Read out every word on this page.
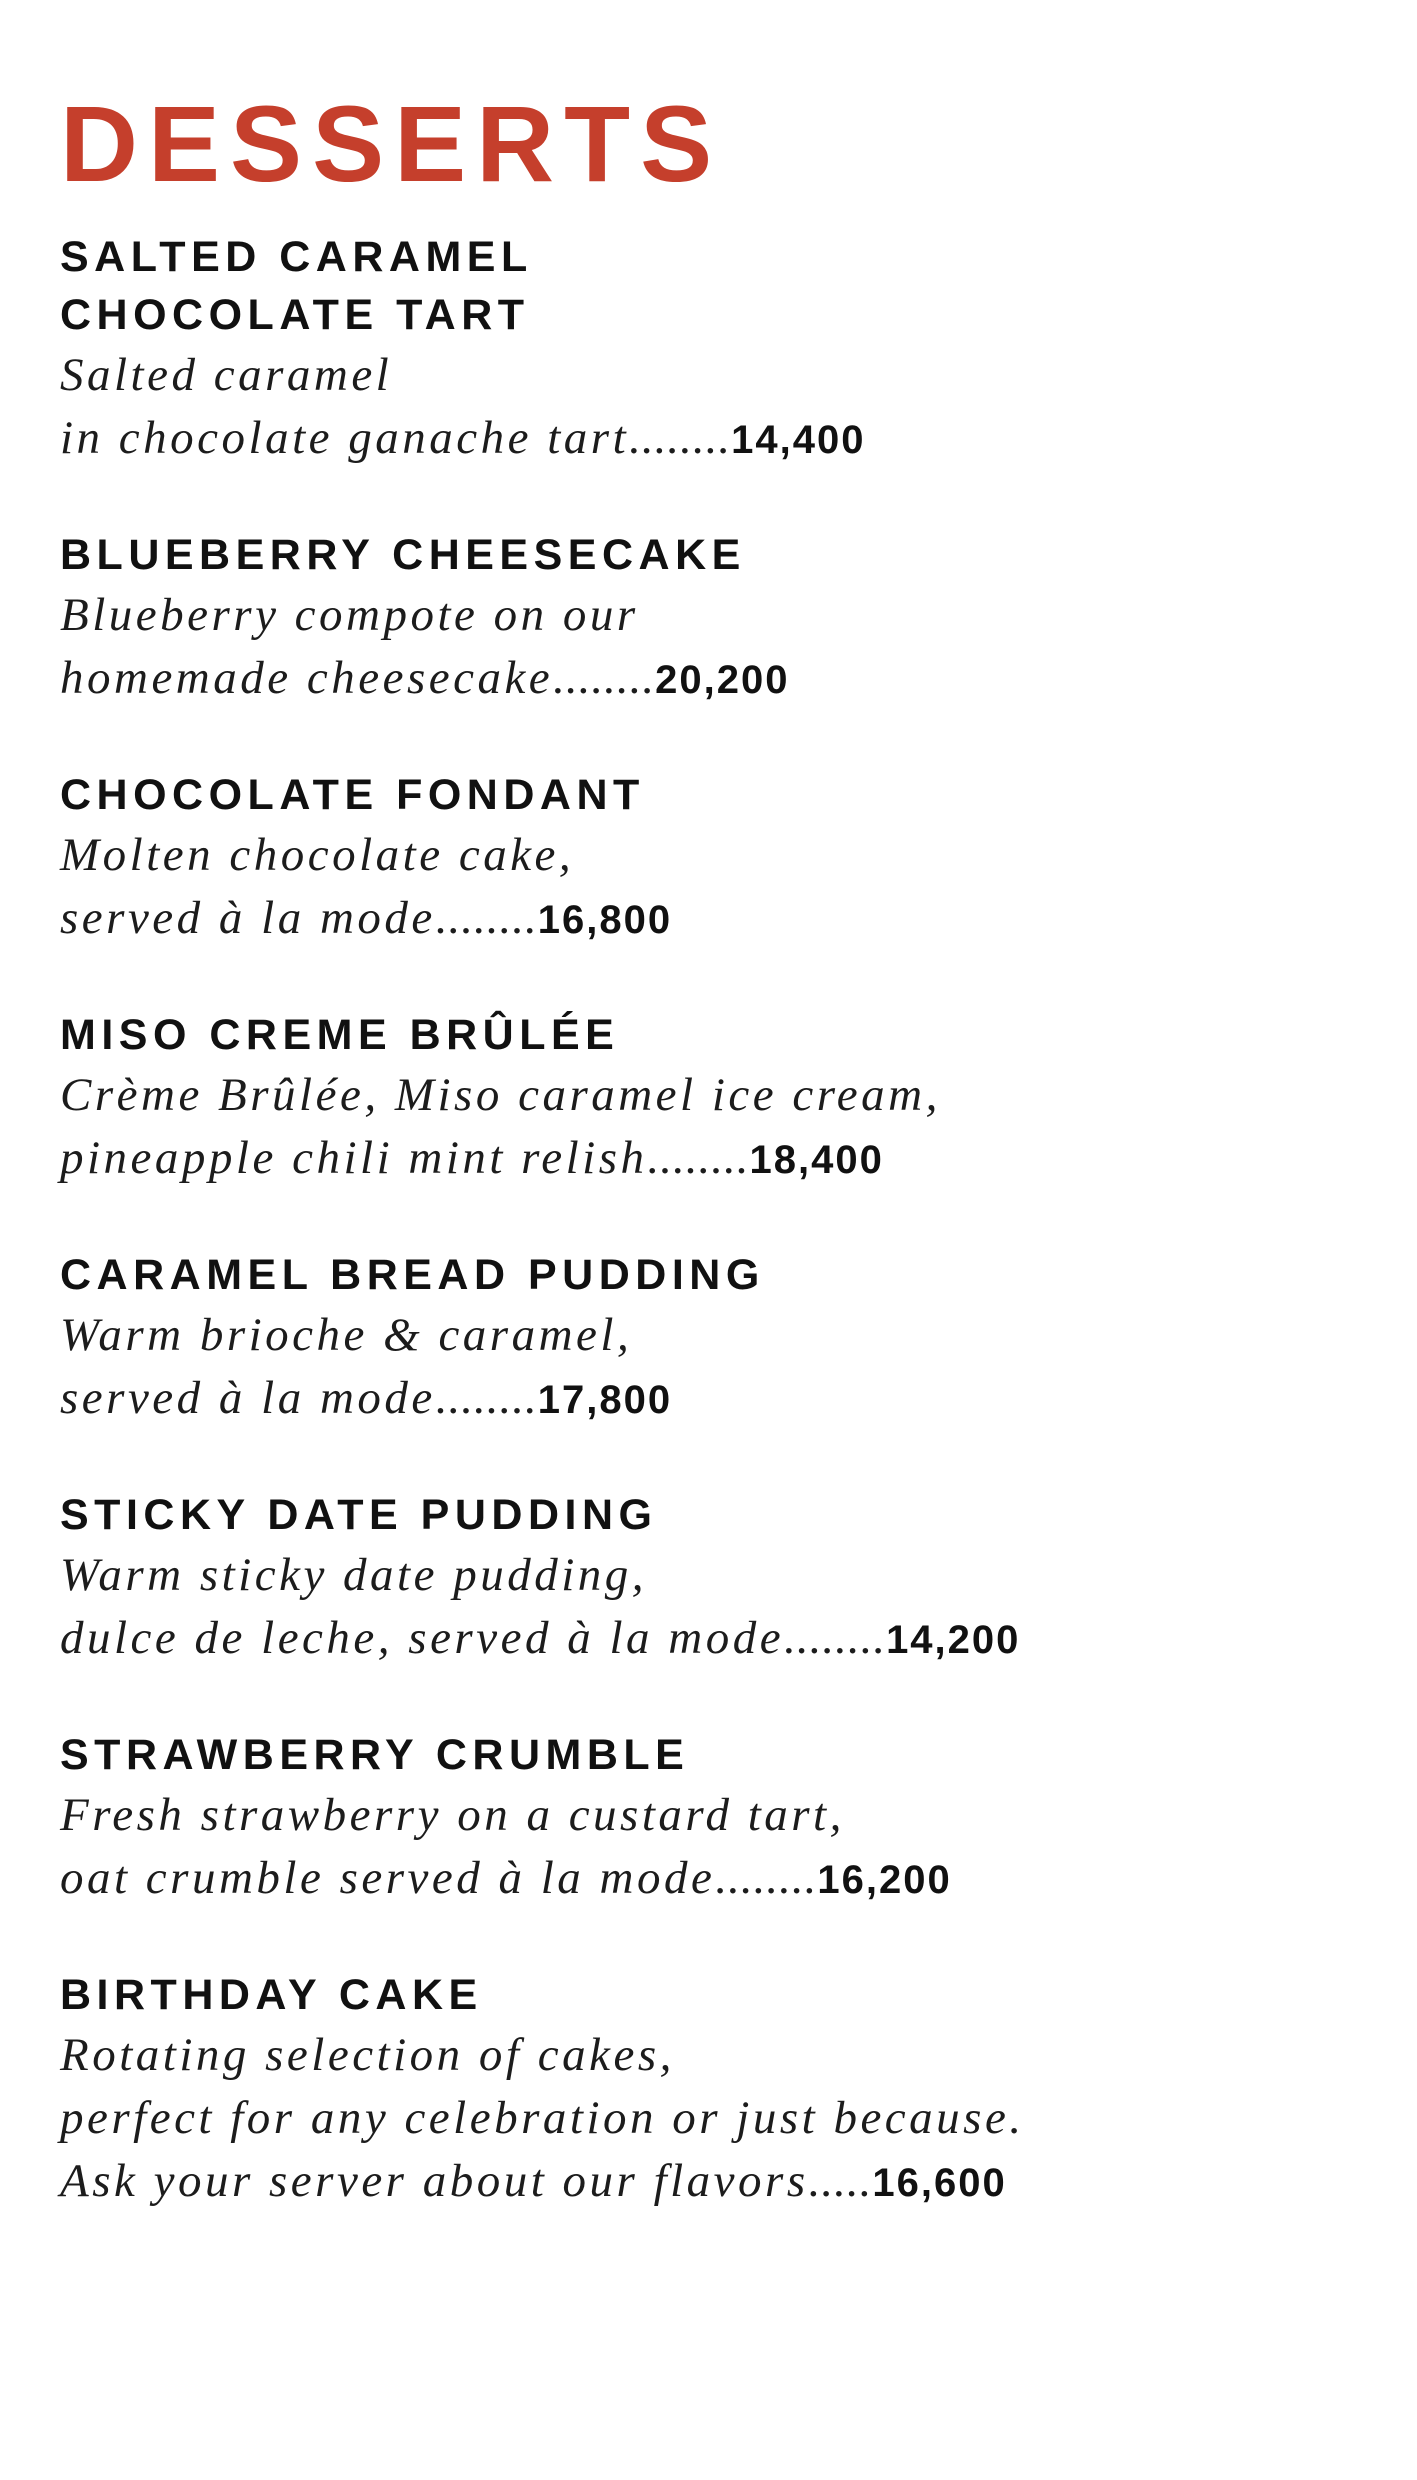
DESSERTS
SALTED CARAMEL
CHOCOLATE TART

Salted caramel
in chocolate ganache tart........14,400

BLUEBERRY CHEESECAKE

Blueberry compote on our
homemade cheesecake........20,200

CHOCOLATE FONDANT

Molten chocolate cake,
served à la mode........16,800

MISO CREME BRÛLÉE

Crème Brûlée, Miso caramel ice cream,
pineapple chili mint relish........18,400

CARAMEL BREAD PUDDING

Warm brioche & caramel,
served à la mode........17,800

STICKY DATE PUDDING

Warm sticky date pudding,
dulce de leche, served à la mode........14,200

STRAWBERRY CRUMBLE

Fresh strawberry on a custard tart,
oat crumble served à la mode........16,200

BIRTHDAY CAKE

Rotating selection of cakes,
perfect for any celebration or just because.
Ask your server about our flavors.....16,600
